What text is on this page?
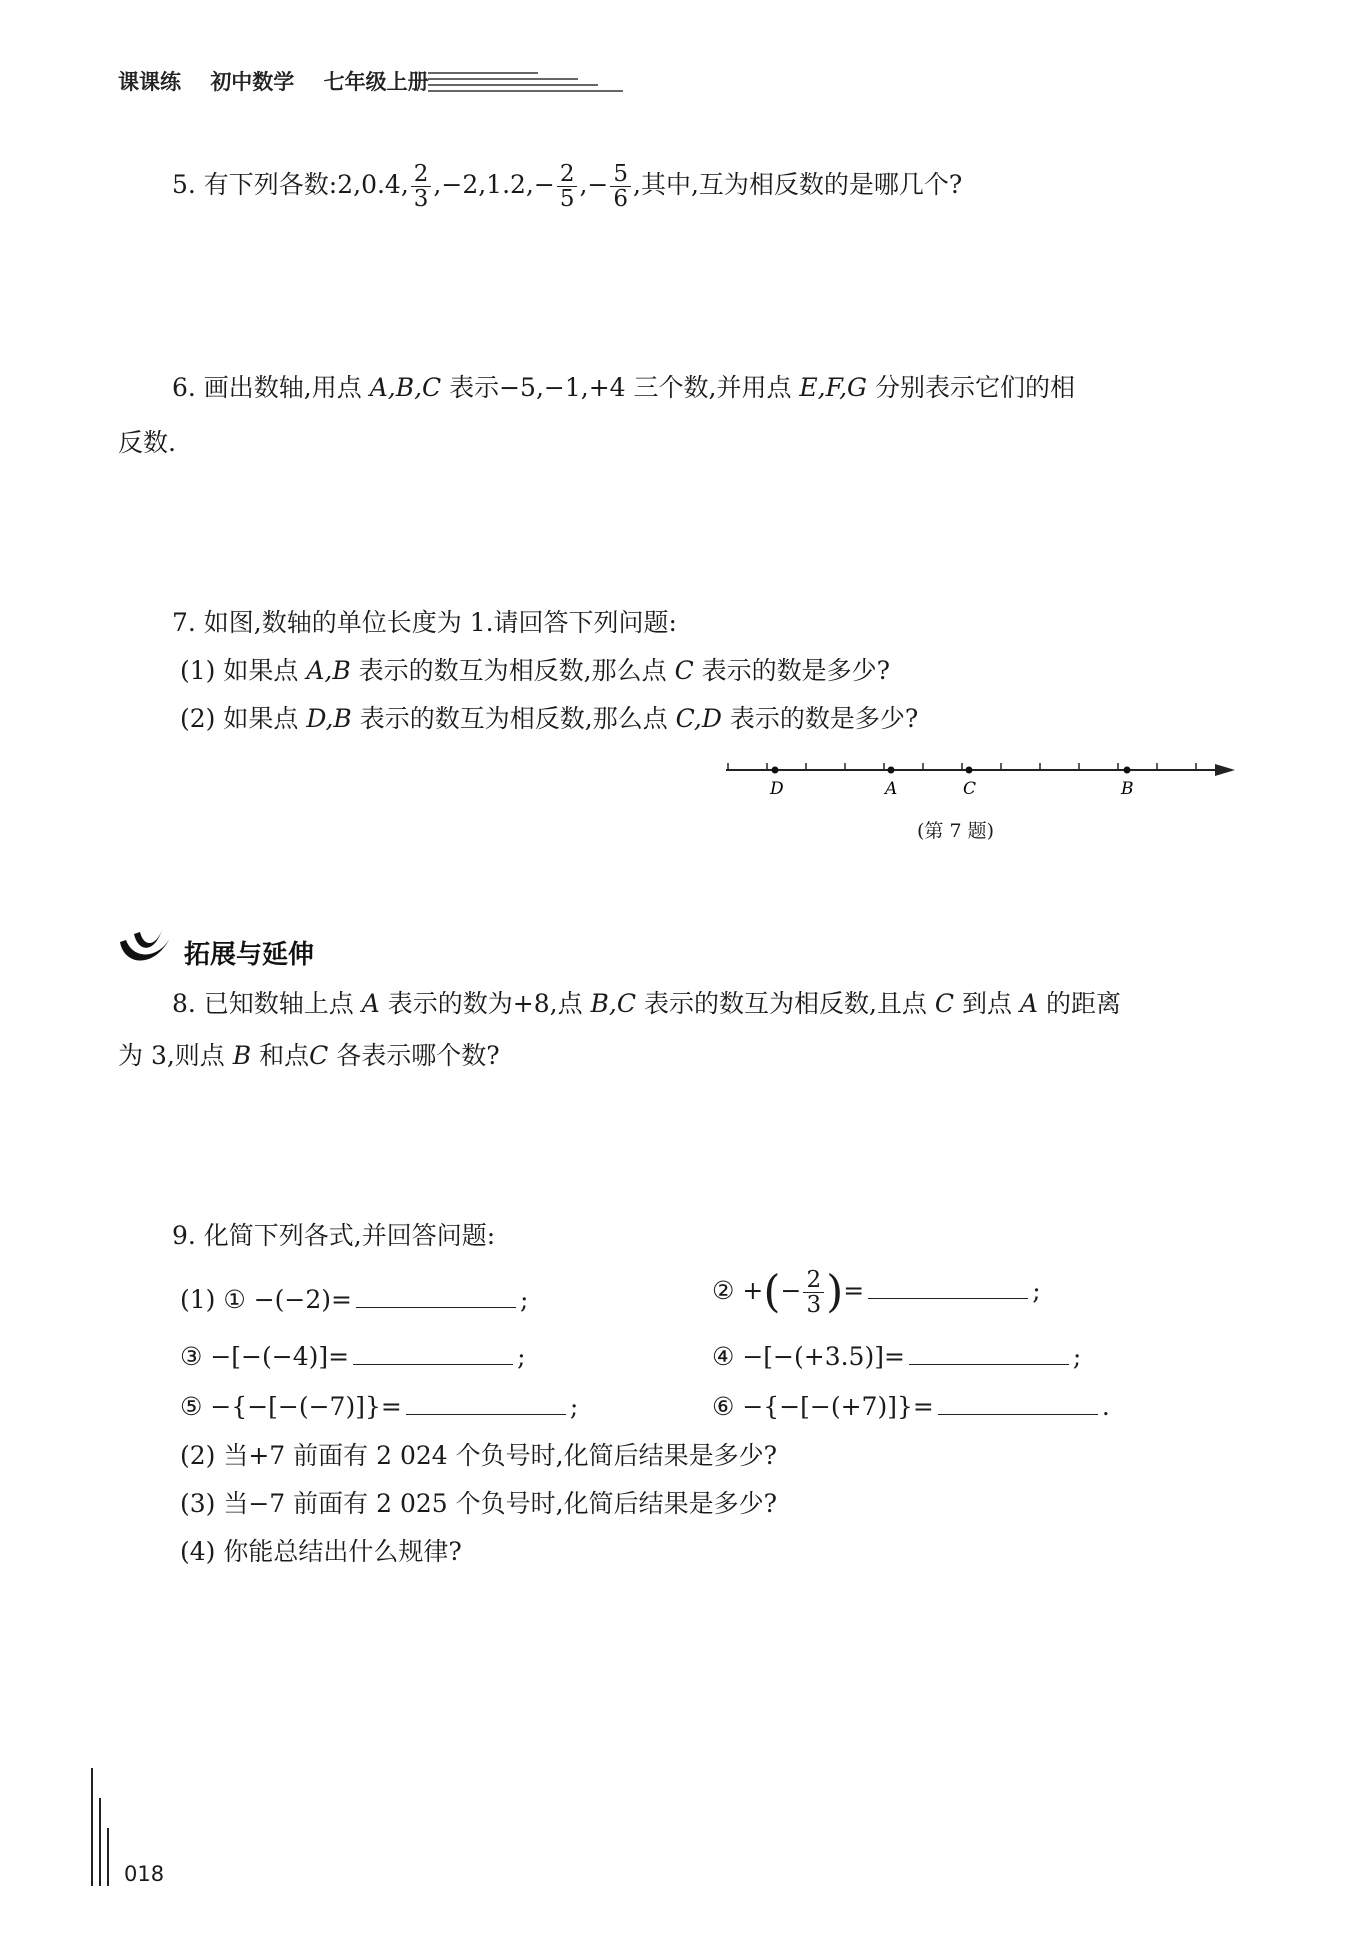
课课练 初中数学 七年级上册
5. 有下列各数:2,0.4, $\frac{2}{3} ,-2,1.2,- \frac{2}{5}$ ,− $\frac{5}{6}$ ,其中,互为相反数的是哪几个?
6. 画出数轴,用点 A,B,C 表示−5,−1,+4 三个数,并用点 E,F,G 分别表示它们的相
反数.
7. 如图,数轴的单位长度为 1.请回答下列问题:
(1) 如果点 A,B 表示的数互为相反数,那么点 C 表示的数是多少?
(2) 如果点 D,B 表示的数互为相反数,那么点 C,D 表示的数是多少?
D	A	C	B
(第 7 题)
拓展与延伸
8. 已知数轴上点 A 表示的数为+8,点 B,C 表示的数互为相反数,且点 C 到点 A 的距离
为 3,则点 B 和点C 各表示哪个数?
9. 化简下列各式,并回答问题:
(1) ① −(−2)=	;	② +(− $\frac{2}{3}$ )=	;
③ −[−(−4)]=	;	④ −[−(+3.5)]=	;
⑤ −{−[−(−7)]}=	;	⑥ −{−[−(+7)]}=	.
(2) 当+7 前面有 2 024 个负号时,化简后结果是多少?
(3) 当−7 前面有 2 025 个负号时,化简后结果是多少?
(4) 你能总结出什么规律?
018
